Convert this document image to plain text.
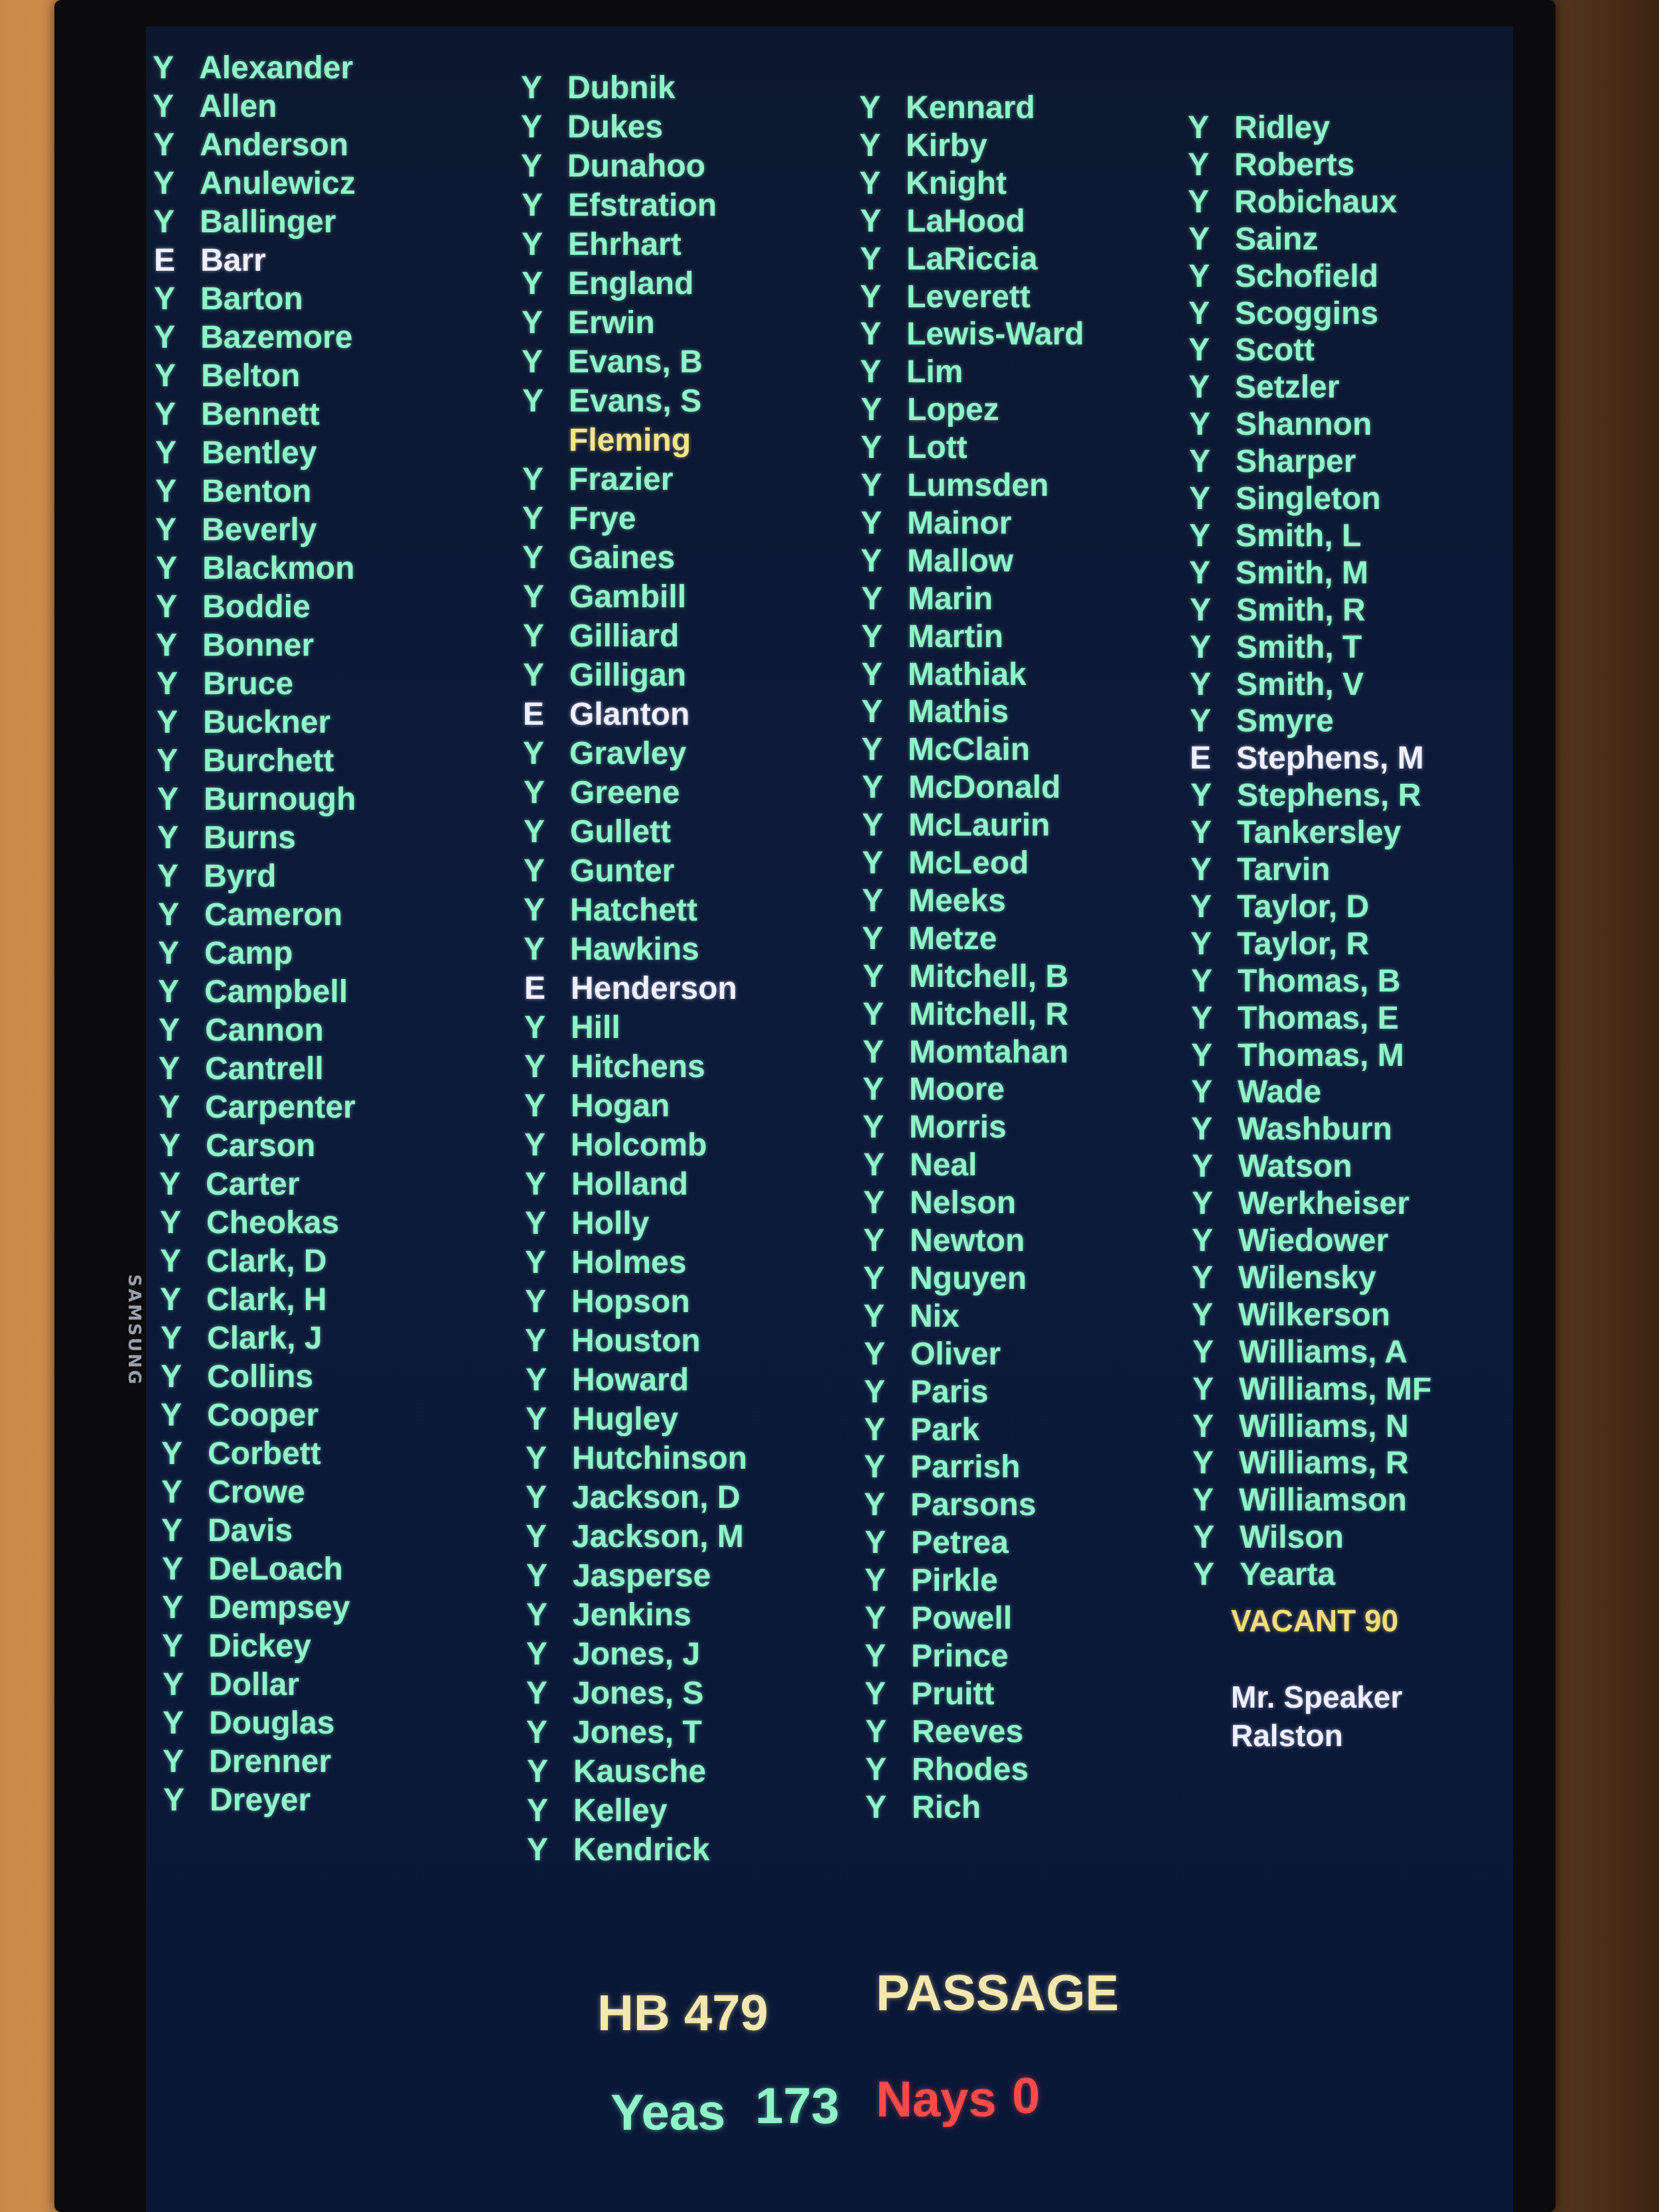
SAMSUNG
Y Alexander
Y Allen
Y Anderson
Y Anulewicz
Y Ballinger
E Barr
Y Barton
Y Bazemore
Y Belton
Y Bennett
Y Bentley
Y Benton
Y Beverly
Y Blackmon
Y Boddie
Y Bonner
Y Bruce
Y Buckner
Y Burchett
Y Burnough
Y Burns
Y Byrd
Y Cameron
Y Camp
Y Campbell
Y Cannon
Y Cantrell
Y Carpenter
Y Carson
Y Carter
Y Cheokas
Y Clark, D
Y Clark, H
Y Clark, J
Y Collins
Y Cooper
Y Corbett
Y Crowe
Y Davis
Y DeLoach
Y Dempsey
Y Dickey
Y Dollar
Y Douglas
Y Drenner
Y Dreyer
Y Dubnik
Y Dukes
Y Dunahoo
Y Efstration
Y Ehrhart
Y England
Y Erwin
Y Evans, B
Y Evans, S
Fleming
Y Frazier
Y Frye
Y Gaines
Y Gambill
Y Gilliard
Y Gilligan
E Glanton
Y Gravley
Y Greene
Y Gullett
Y Gunter
Y Hatchett
Y Hawkins
E Henderson
Y Hill
Y Hitchens
Y Hogan
Y Holcomb
Y Holland
Y Holly
Y Holmes
Y Hopson
Y Houston
Y Howard
Y Hugley
Y Hutchinson
Y Jackson, D
Y Jackson, M
Y Jasperse
Y Jenkins
Y Jones, J
Y Jones, S
Y Jones, T
Y Kausche
Y Kelley
Y Kendrick
Y Kennard
Y Kirby
Y Knight
Y LaHood
Y LaRiccia
Y Leverett
Y Lewis-Ward
Y Lim
Y Lopez
Y Lott
Y Lumsden
Y Mainor
Y Mallow
Y Marin
Y Martin
Y Mathiak
Y Mathis
Y McClain
Y McDonald
Y McLaurin
Y McLeod
Y Meeks
Y Metze
Y Mitchell, B
Y Mitchell, R
Y Momtahan
Y Moore
Y Morris
Y Neal
Y Nelson
Y Newton
Y Nguyen
Y Nix
Y Oliver
Y Paris
Y Park
Y Parrish
Y Parsons
Y Petrea
Y Pirkle
Y Powell
Y Prince
Y Pruitt
Y Reeves
Y Rhodes
Y Rich
Y Ridley
Y Roberts
Y Robichaux
Y Sainz
Y Schofield
Y Scoggins
Y Scott
Y Setzler
Y Shannon
Y Sharper
Y Singleton
Y Smith, L
Y Smith, M
Y Smith, R
Y Smith, T
Y Smith, V
Y Smyre
E Stephens, M
Y Stephens, R
Y Tankersley
Y Tarvin
Y Taylor, D
Y Taylor, R
Y Thomas, B
Y Thomas, E
Y Thomas, M
Y Wade
Y Washburn
Y Watson
Y Werkheiser
Y Wiedower
Y Wilensky
Y Wilkerson
Y Williams, A
Y Williams, MF
Y Williams, N
Y Williams, R
Y Williamson
Y Wilson
Y Yearta
VACANT 90
Mr. Speaker
Ralston
HB 479 PASSAGE
Yeas 173 Nays 0
